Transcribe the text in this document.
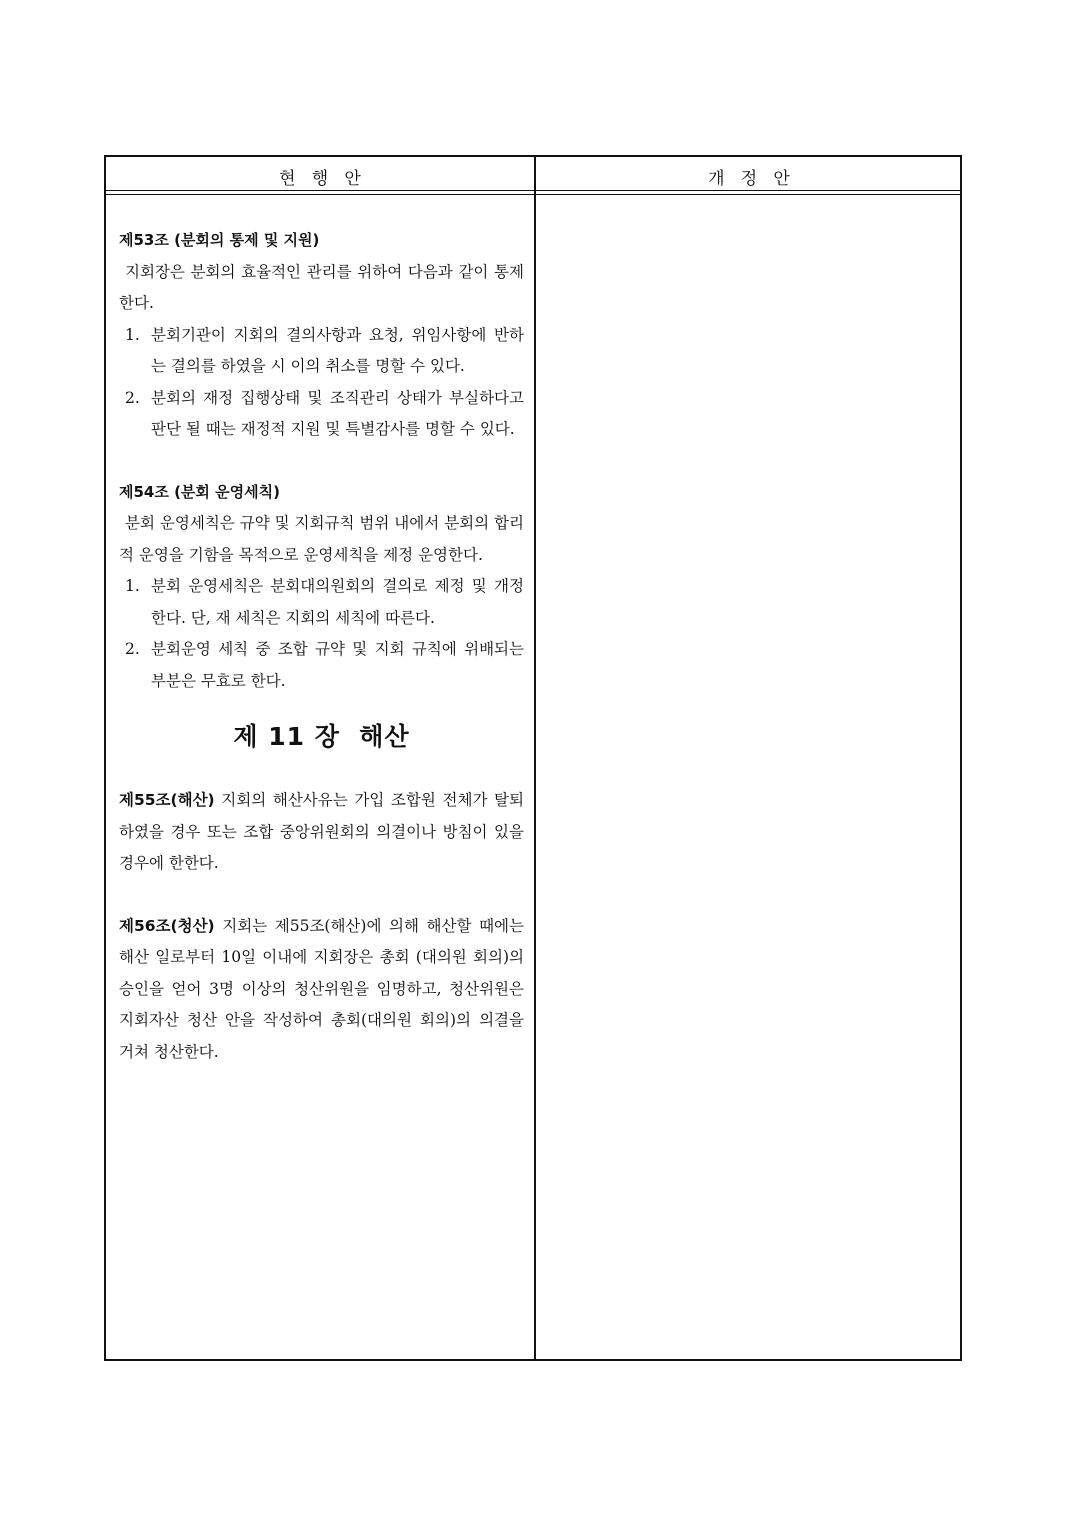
현   행   안	개   정   안
제53조 (분회의 통제 및 지원)
지회장은 분회의 효율적인 관리를 위하여 다음과 같이 통제한다.
1. 분회기관이 지회의 결의사항과 요청, 위임사항에 반하는 결의를 하였을 시 이의 취소를 명할 수 있다.
2. 분회의 재정 집행상태 및 조직관리 상태가 부실하다고 판단 될 때는 재정적 지원 및 특별감사를 명할 수 있다.
제54조 (분회 운영세칙)
분회 운영세칙은 규약 및 지회규칙 범위 내에서 분회의 합리적 운영을 기함을 목적으로 운영세칙을 제정 운영한다.
1. 분회 운영세칙은 분회대의원회의 결의로 제정 및 개정한다. 단, 재 세칙은 지회의 세칙에 따른다.
2. 분회운영 세칙 중 조합 규약 및 지회 규칙에 위배되는 부분은 무효로 한다.
제 11 장  해산
제55조(해산) 지회의 해산사유는 가입 조합원 전체가 탈퇴하였을 경우 또는 조합 중앙위원회의 의결이나 방침이 있을 경우에 한한다.
제56조(청산) 지회는 제55조(해산)에 의해 해산할 때에는 해산 일로부터 10일 이내에 지회장은 총회 (대의원 회의)의 승인을 얻어 3명 이상의 청산위원을 임명하고, 청산위원은 지회자산 청산 안을 작성하여 총회(대의원 회의)의 의결을 거쳐 청산한다.
